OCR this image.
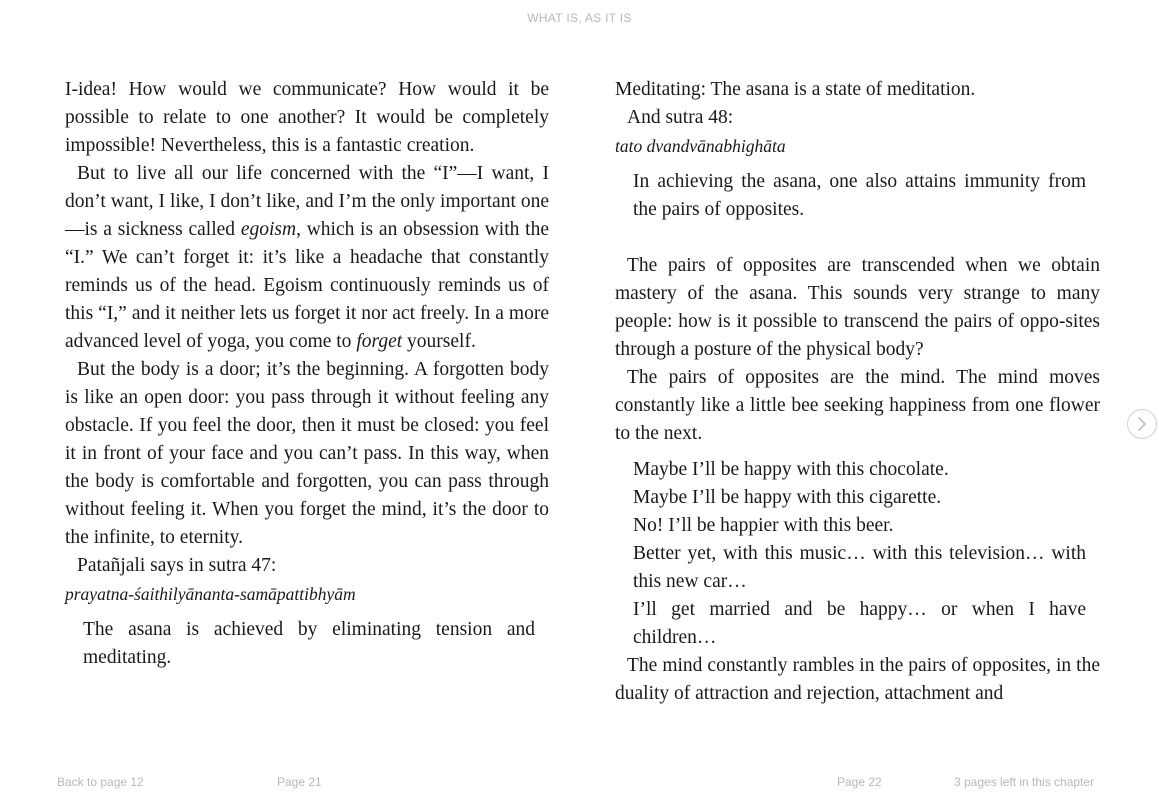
WHAT IS, AS IT IS

I-idea! How would we communicate? How would it be possible to relate to one another? It would be completely impossible! Nevertheless, this is a fantastic creation.

But to live all our life concerned with the “I”—I want, I don’t want, I like, I don’t like, and I’m the only important one—is a sickness called egoism, which is an obsession with the “I.” We can’t forget it: it’s like a headache that constantly reminds us of the head. Egoism continuously reminds us of this “I,” and it neither lets us forget it nor act freely. In a more advanced level of yoga, you come to forget yourself.

But the body is a door; it’s the beginning. A forgotten body is like an open door: you pass through it without feeling any obstacle. If you feel the door, then it must be closed: you feel it in front of your face and you can’t pass. In this way, when the body is comfortable and forgotten, you can pass through without feeling it. When you forget the mind, it’s the door to the infinite, to eternity.

Patañjali says in sutra 47:

prayatna-śaithilyānanta-samāpattibhyām

The asana is achieved by eliminating tension and meditating.

Meditating: The asana is a state of meditation.

And sutra 48:

tato dvandvānabhighāta

In achieving the asana, one also attains immunity from the pairs of opposites.

The pairs of opposites are transcended when we obtain mastery of the asana. This sounds very strange to many people: how is it possible to transcend the pairs of oppo-sites through a posture of the physical body?

The pairs of opposites are the mind. The mind moves constantly like a little bee seeking happiness from one flower to the next.

Maybe I’ll be happy with this chocolate.

Maybe I’ll be happy with this cigarette.

No! I’ll be happier with this beer.

Better yet, with this music… with this television… with this new car…

I’ll get married and be happy… or when I have children…

The mind constantly rambles in the pairs of opposites, in the duality of attraction and rejection, attachment and

Back to page 12	Page 21	Page 22	3 pages left in this chapter
